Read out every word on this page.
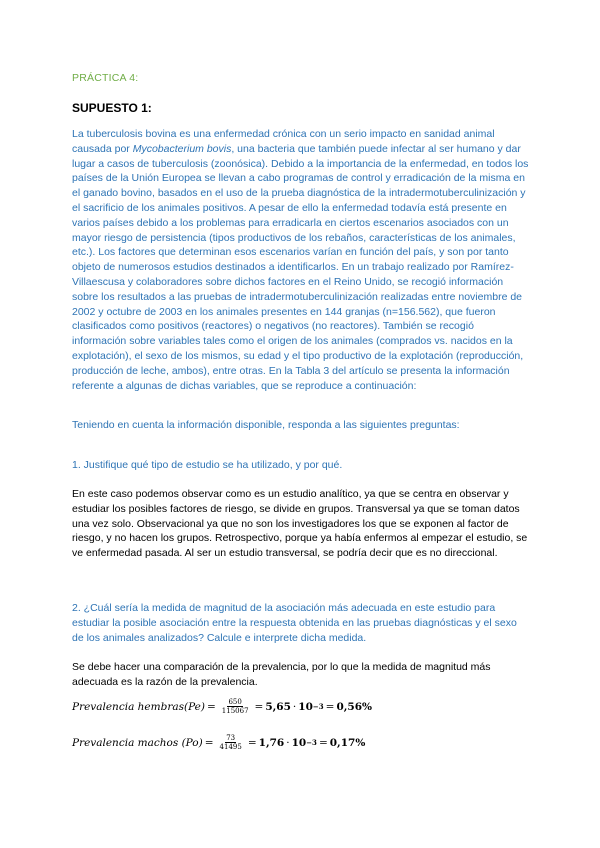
PRÁCTICA 4:
SUPUESTO 1:

La tuberculosis bovina es una enfermedad crónica con un serio impacto en sanidad animal causada por Mycobacterium bovis, una bacteria que también puede infectar al ser humano y dar lugar a casos de tuberculosis (zoonósica). Debido a la importancia de la enfermedad, en todos los países de la Unión Europea se llevan a cabo programas de control y erradicación de la misma en el ganado bovino, basados en el uso de la prueba diagnóstica de la intradermotuberculinización y el sacrificio de los animales positivos. A pesar de ello la enfermedad todavía está presente en varios países debido a los problemas para erradicarla en ciertos escenarios asociados con un mayor riesgo de persistencia (tipos productivos de los rebaños, características de los animales, etc.). Los factores que determinan esos escenarios varían en función del país, y son por tanto objeto de numerosos estudios destinados a identificarlos. En un trabajo realizado por Ramírez-Villaescusa y colaboradores sobre dichos factores en el Reino Unido, se recogió información sobre los resultados a las pruebas de intradermotuberculinización realizadas entre noviembre de 2002 y octubre de 2003 en los animales presentes en 144 granjas (n=156.562), que fueron clasificados como positivos (reactores) o negativos (no reactores). También se recogió información sobre variables tales como el origen de los animales (comprados vs. nacidos en la explotación), el sexo de los mismos, su edad y el tipo productivo de la explotación (reproducción, producción de leche, ambos), entre otras. En la Tabla 3 del artículo se presenta la información referente a algunas de dichas variables, que se reproduce a continuación:

Teniendo en cuenta la información disponible, responda a las siguientes preguntas:
1. Justifique qué tipo de estudio se ha utilizado, y por qué.
En este caso podemos observar como es un estudio analítico, ya que se centra en observar y estudiar los posibles factores de riesgo, se divide en grupos. Transversal ya que se toman datos una vez solo. Observacional ya que no son los investigadores los que se exponen al factor de riesgo, y no hacen los grupos. Retrospectivo, porque ya había enfermos al empezar el estudio, se ve enfermedad pasada. Al ser un estudio transversal, se podría decir que es no direccional.
2. ¿Cuál sería la medida de magnitud de la asociación más adecuada en este estudio para estudiar la posible asociación entre la respuesta obtenida en las pruebas diagnósticas y el sexo de los animales analizados? Calcule e interprete dicha medida.
Se debe hacer una comparación de la prevalencia, por lo que la medida de magnitud más adecuada es la razón de la prevalencia.
Prevalencia hembras(Pe) = $\frac{650}{115067} = 5,65 \cdot 10 -3 = 0,56\%$
Prevalencia machos $(Po) = \frac{73}{41495} = 1,76 \cdot 10 -3 = 0,17\%$
